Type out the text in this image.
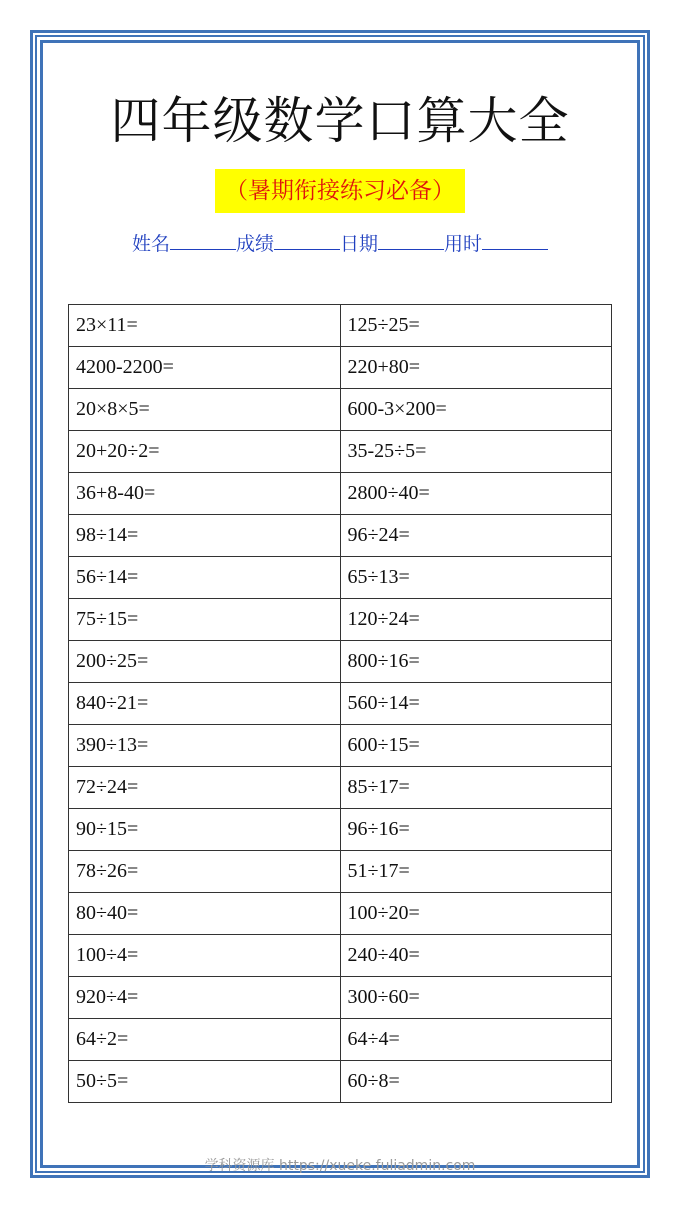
四年级数学口算大全
（暑期衔接练习必备）
姓名	成绩	日期	用时
23×11=	125÷25=
4200-2200=	220+80=
20×8×5=	600-3×200=
20+20÷2=	35-25÷5=
36+8-40=	2800÷40=
98÷14=	96÷24=
56÷14=	65÷13=
75÷15=	120÷24=
200÷25=	800÷16=
840÷21=	560÷14=
390÷13=	600÷15=
72÷24=	85÷17=
90÷15=	96÷16=
78÷26=	51÷17=
80÷40=	100÷20=
100÷4=	240÷40=
920÷4=	300÷60=
64÷2=	64÷4=
50÷5=	60÷8=
学科资源库 https://xueke.fuliadmin.com
